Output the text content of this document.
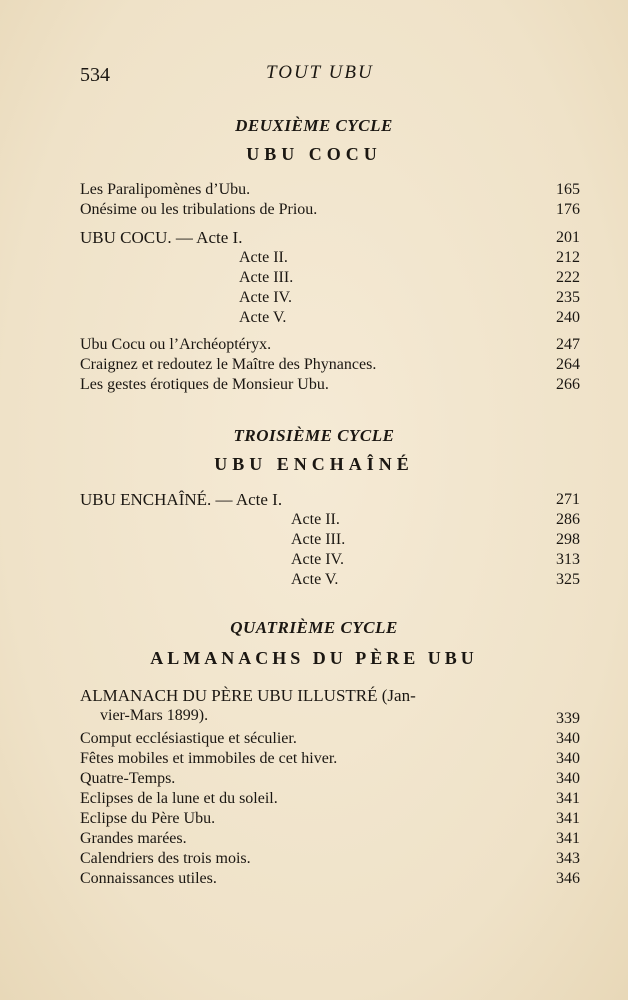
534	TOUT UBU
DEUXIÈME CYCLE
UBU COCU
Les Paralipomènes d’Ubu.	165
Onésime ou les tribulations de Priou.	176
UBU COCU. — Acte I.	201
Acte II.	212
Acte III.	222
Acte IV.	235
Acte V.	240
Ubu Cocu ou l’Archéoptéryx.	247
Craignez et redoutez le Maître des Phynances.	264
Les gestes érotiques de Monsieur Ubu.	266
TROISIÈME CYCLE
UBU ENCHAÎNÉ
UBU ENCHAÎNÉ. — Acte I.	271
Acte II.	286
Acte III.	298
Acte IV.	313
Acte V.	325
QUATRIÈME CYCLE
ALMANACHS DU PÈRE UBU
ALMANACH DU PÈRE UBU ILLUSTRÉ (Jan-
vier-Mars 1899).	339
Comput ecclésiastique et séculier.	340
Fêtes mobiles et immobiles de cet hiver.	340
Quatre-Temps.	340
Eclipses de la lune et du soleil.	341
Eclipse du Père Ubu.	341
Grandes marées.	341
Calendriers des trois mois.	343
Connaissances utiles.	346
